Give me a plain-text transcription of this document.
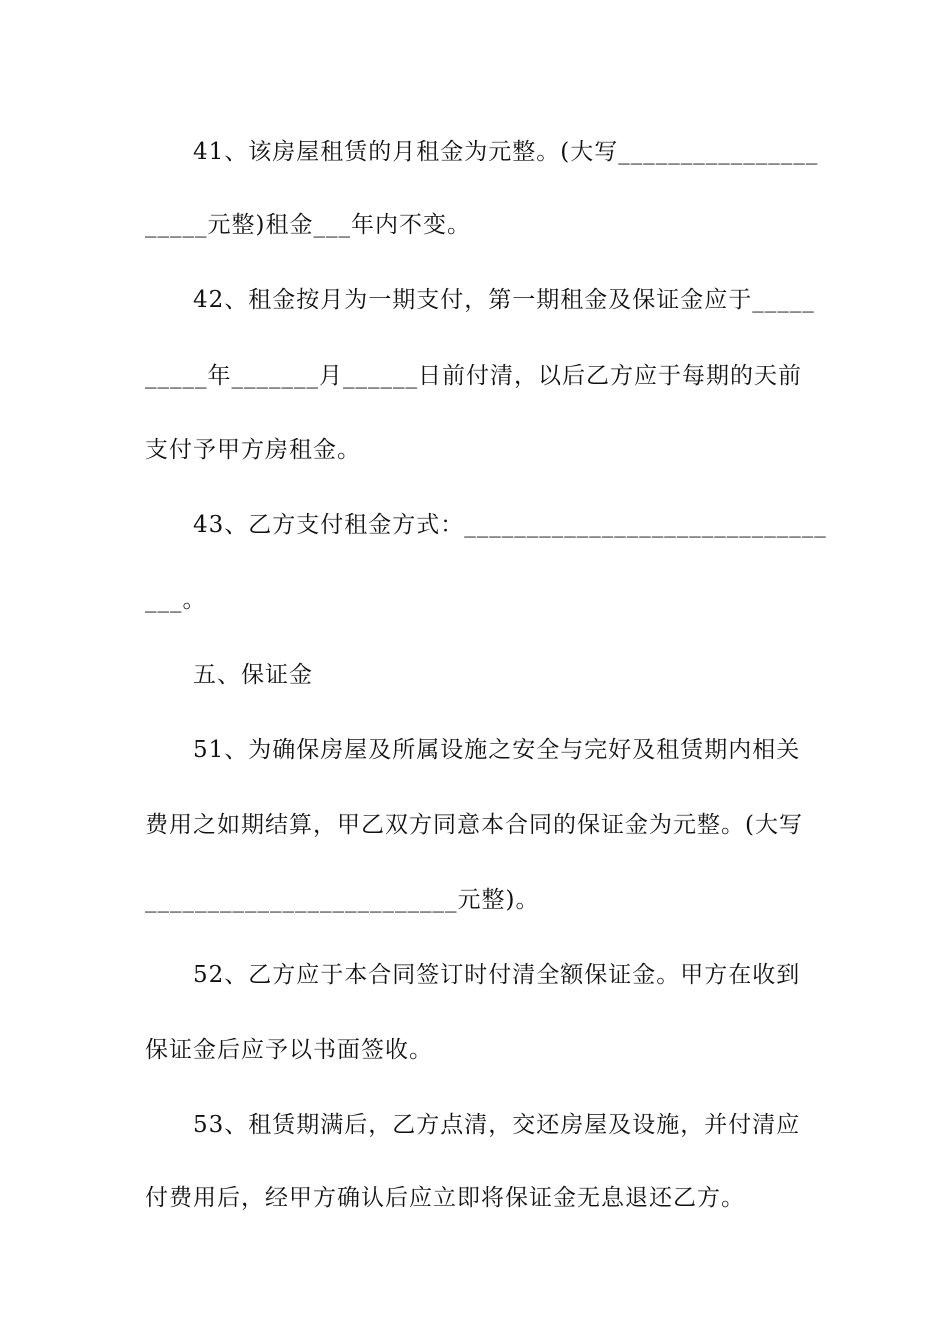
41、该房屋租赁的月租金为元整。(大写________________
_____元整)租金___年内不变。
42、租金按月为一期支付，第一期租金及保证金应于_____
_____年_______月______日前付清，以后乙方应于每期的天前
支付予甲方房租金。
43、乙方支付租金方式：_____________________________
___。
五、保证金
51、为确保房屋及所属设施之安全与完好及租赁期内相关
费用之如期结算，甲乙双方同意本合同的保证金为元整。(大写
_________________________元整)。
52、乙方应于本合同签订时付清全额保证金。甲方在收到
保证金后应予以书面签收。
53、租赁期满后，乙方点清，交还房屋及设施，并付清应
付费用后，经甲方确认后应立即将保证金无息退还乙方。
